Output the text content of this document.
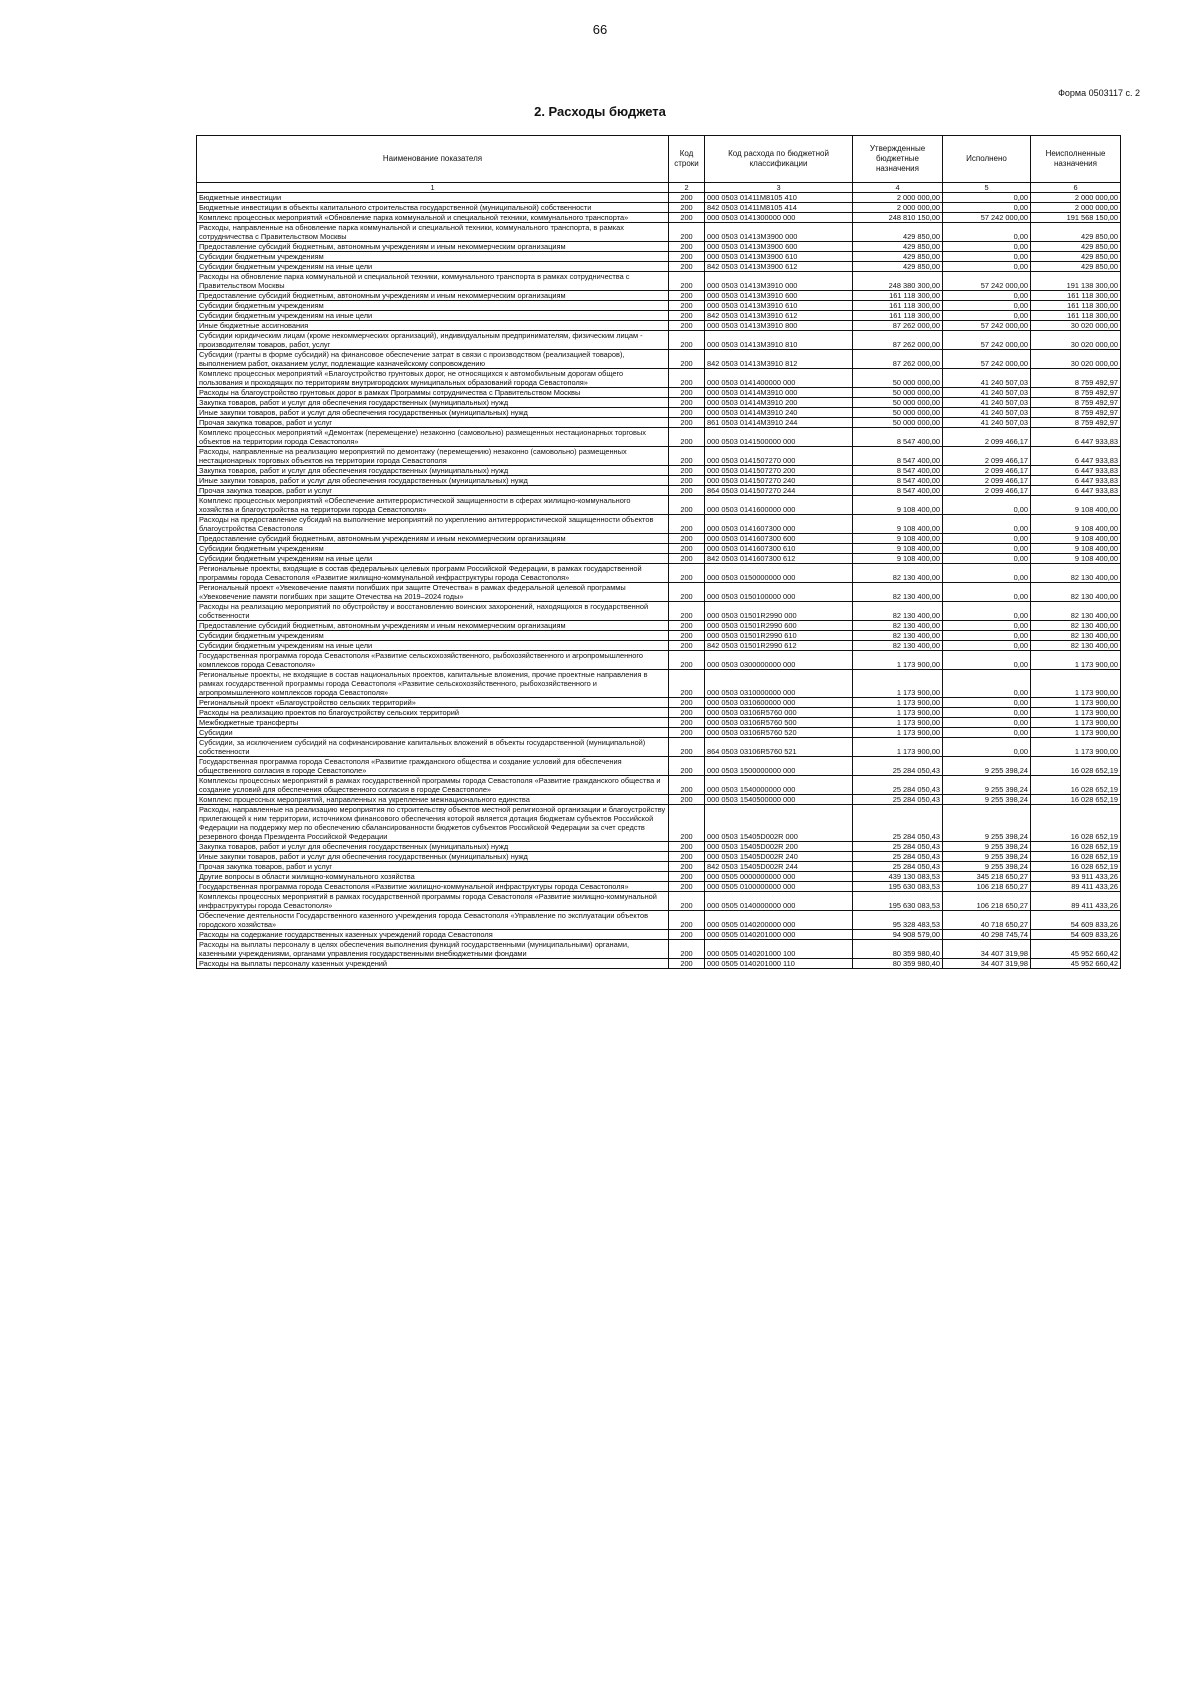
66
Форма 0503117 с. 2
2. Расходы бюджета
Наименование показателя	Код строки	Код расхода по бюджетной классификации	Утвержденные бюджетные назначения	Исполнено	Неисполненные назначения
1	2	3	4	5	6
Бюджетные инвестиции	200	000 0503 01411М8105 410	2 000 000,00	0,00	2 000 000,00
Бюджетные инвестиции в объекты капитального строительства государственной (муниципальной) собственности	200	842 0503 01411М8105 414	2 000 000,00	0,00	2 000 000,00
Комплекс процессных мероприятий «Обновление парка коммунальной и специальной техники, коммунального транспорта»	200	000 0503 0141300000 000	248 810 150,00	57 242 000,00	191 568 150,00
Расходы, направленные на обновление парка коммунальной и специальной техники, коммунального транспорта, в рамках сотрудничества с Правительством Москвы	200	000 0503 01413М3900 000	429 850,00	0,00	429 850,00
Предоставление субсидий бюджетным, автономным учреждениям и иным некоммерческим организациям	200	000 0503 01413М3900 600	429 850,00	0,00	429 850,00
Субсидии бюджетным учреждениям	200	000 0503 01413М3900 610	429 850,00	0,00	429 850,00
Субсидии бюджетным учреждениям на иные цели	200	842 0503 01413М3900 612	429 850,00	0,00	429 850,00
Расходы на обновление парка коммунальной и специальной техники, коммунального транспорта в рамках сотрудничества с Правительством Москвы	200	000 0503 01413М3910 000	248 380 300,00	57 242 000,00	191 138 300,00
Предоставление субсидий бюджетным, автономным учреждениям и иным некоммерческим организациям	200	000 0503 01413М3910 600	161 118 300,00	0,00	161 118 300,00
Субсидии бюджетным учреждениям	200	000 0503 01413М3910 610	161 118 300,00	0,00	161 118 300,00
Субсидии бюджетным учреждениям на иные цели	200	842 0503 01413М3910 612	161 118 300,00	0,00	161 118 300,00
Иные бюджетные ассигнования	200	000 0503 01413М3910 800	87 262 000,00	57 242 000,00	30 020 000,00
Субсидии юридическим лицам (кроме некоммерческих организаций), индивидуальным предпринимателям, физическим лицам - производителям товаров, работ, услуг	200	000 0503 01413М3910 810	87 262 000,00	57 242 000,00	30 020 000,00
Субсидии (гранты в форме субсидий) на финансовое обеспечение затрат в связи с производством (реализацией товаров), выполнением работ, оказанием услуг, подлежащие казначейскому сопровождению	200	842 0503 01413М3910 812	87 262 000,00	57 242 000,00	30 020 000,00
Комплекс процессных мероприятий «Благоустройство грунтовых дорог, не относящихся к автомобильным дорогам общего пользования и проходящих по территориям внутригородских муниципальных образований города Севастополя»	200	000 0503 0141400000 000	50 000 000,00	41 240 507,03	8 759 492,97
Расходы на благоустройство грунтовых дорог в рамках Программы сотрудничества с Правительством Москвы	200	000 0503 01414М3910 000	50 000 000,00	41 240 507,03	8 759 492,97
Закупка товаров, работ и услуг для обеспечения государственных (муниципальных) нужд	200	000 0503 01414М3910 200	50 000 000,00	41 240 507,03	8 759 492,97
Иные закупки товаров, работ и услуг для обеспечения государственных (муниципальных) нужд	200	000 0503 01414М3910 240	50 000 000,00	41 240 507,03	8 759 492,97
Прочая закупка товаров, работ и услуг	200	861 0503 01414М3910 244	50 000 000,00	41 240 507,03	8 759 492,97
Комплекс процессных мероприятий «Демонтаж (перемещение) незаконно (самовольно) размещенных нестационарных торговых объектов на территории города Севастополя»	200	000 0503 0141500000 000	8 547 400,00	2 099 466,17	6 447 933,83
Расходы, направленные на реализацию мероприятий по демонтажу (перемещению) незаконно (самовольно) размещенных нестационарных торговых объектов на территории города Севастополя	200	000 0503 0141507270 000	8 547 400,00	2 099 466,17	6 447 933,83
Закупка товаров, работ и услуг для обеспечения государственных (муниципальных) нужд	200	000 0503 0141507270 200	8 547 400,00	2 099 466,17	6 447 933,83
Иные закупки товаров, работ и услуг для обеспечения государственных (муниципальных) нужд	200	000 0503 0141507270 240	8 547 400,00	2 099 466,17	6 447 933,83
Прочая закупка товаров, работ и услуг	200	864 0503 0141507270 244	8 547 400,00	2 099 466,17	6 447 933,83
Комплекс процессных мероприятий «Обеспечение антитеррористической защищенности в сферах жилищно-коммунального хозяйства и благоустройства на территории города Севастополя»	200	000 0503 0141600000 000	9 108 400,00	0,00	9 108 400,00
Расходы на предоставление субсидий на выполнение мероприятий по укреплению антитеррористической защищенности объектов благоустройства Севастополя	200	000 0503 0141607300 000	9 108 400,00	0,00	9 108 400,00
Предоставление субсидий бюджетным, автономным учреждениям и иным некоммерческим организациям	200	000 0503 0141607300 600	9 108 400,00	0,00	9 108 400,00
Субсидии бюджетным учреждениям	200	000 0503 0141607300 610	9 108 400,00	0,00	9 108 400,00
Субсидии бюджетным учреждениям на иные цели	200	842 0503 0141607300 612	9 108 400,00	0,00	9 108 400,00
Региональные проекты, входящие в состав федеральных целевых программ Российской Федерации, в рамках государственной программы города Севастополя «Развитие жилищно-коммунальной инфраструктуры города Севастополя»	200	000 0503 0150000000 000	82 130 400,00	0,00	82 130 400,00
Региональный проект «Увековечение памяти погибших при защите Отечества» в рамках федеральной целевой программы «Увековечение памяти погибших при защите Отечества на 2019–2024 годы»	200	000 0503 0150100000 000	82 130 400,00	0,00	82 130 400,00
Расходы на реализацию мероприятий по обустройству и восстановлению воинских захоронений, находящихся в государственной собственности	200	000 0503 01501R2990 000	82 130 400,00	0,00	82 130 400,00
Предоставление субсидий бюджетным, автономным учреждениям и иным некоммерческим организациям	200	000 0503 01501R2990 600	82 130 400,00	0,00	82 130 400,00
Субсидии бюджетным учреждениям	200	000 0503 01501R2990 610	82 130 400,00	0,00	82 130 400,00
Субсидии бюджетным учреждениям на иные цели	200	842 0503 01501R2990 612	82 130 400,00	0,00	82 130 400,00
Государственная программа города Севастополя «Развитие сельскохозяйственного, рыбохозяйственного и агропромышленного комплексов города Севастополя»	200	000 0503 0300000000 000	1 173 900,00	0,00	1 173 900,00
Региональные проекты, не входящие в состав национальных проектов, капитальные вложения, прочие проектные направления в рамках государственной программы города Севастополя «Развитие сельскохозяйственного, рыбохозяйственного и агропромышленного комплексов города Севастополя»	200	000 0503 0310000000 000	1 173 900,00	0,00	1 173 900,00
Региональный проект «Благоустройство сельских территорий»	200	000 0503 0310600000 000	1 173 900,00	0,00	1 173 900,00
Расходы на реализацию проектов по благоустройству сельских территорий	200	000 0503 03106R5760 000	1 173 900,00	0,00	1 173 900,00
Межбюджетные трансферты	200	000 0503 03106R5760 500	1 173 900,00	0,00	1 173 900,00
Субсидии	200	000 0503 03106R5760 520	1 173 900,00	0,00	1 173 900,00
Субсидии, за исключением субсидий на софинансирование капитальных вложений в объекты государственной (муниципальной) собственности	200	864 0503 03106R5760 521	1 173 900,00	0,00	1 173 900,00
Государственная программа города Севастополя «Развитие гражданского общества и создание условий для обеспечения общественного согласия в городе Севастополе»	200	000 0503 1500000000 000	25 284 050,43	9 255 398,24	16 028 652,19
Комплексы процессных мероприятий в рамках государственной программы города Севастополя «Развитие гражданского общества и создание условий для обеспечения общественного согласия в городе Севастополе»	200	000 0503 1540000000 000	25 284 050,43	9 255 398,24	16 028 652,19
Комплекс процессных мероприятий, направленных на укрепление межнационального единства	200	000 0503 1540500000 000	25 284 050,43	9 255 398,24	16 028 652,19
Расходы, направленные на реализацию мероприятия по строительству объектов местной религиозной организации и благоустройству прилегающей к ним территории, источником финансового обеспечения которой является дотация бюджетам субъектов Российской Федерации на поддержку мер по обеспечению сбалансированности бюджетов субъектов Российской Федерации за счет средств резервного фонда Президента Российской Федерации	200	000 0503 15405D002R 000	25 284 050,43	9 255 398,24	16 028 652,19
Закупка товаров, работ и услуг для обеспечения государственных (муниципальных) нужд	200	000 0503 15405D002R 200	25 284 050,43	9 255 398,24	16 028 652,19
Иные закупки товаров, работ и услуг для обеспечения государственных (муниципальных) нужд	200	000 0503 15405D002R 240	25 284 050,43	9 255 398,24	16 028 652,19
Прочая закупка товаров, работ и услуг	200	842 0503 15405D002R 244	25 284 050,43	9 255 398,24	16 028 652,19
Другие вопросы в области жилищно-коммунального хозяйства	200	000 0505 0000000000 000	439 130 083,53	345 218 650,27	93 911 433,26
Государственная программа города Севастополя «Развитие жилищно-коммунальной инфраструктуры города Севастополя»	200	000 0505 0100000000 000	195 630 083,53	106 218 650,27	89 411 433,26
Комплексы процессных мероприятий в рамках государственной программы города Севастополя «Развитие жилищно-коммунальной инфраструктуры города Севастополя»	200	000 0505 0140000000 000	195 630 083,53	106 218 650,27	89 411 433,26
Обеспечение деятельности Государственного казенного учреждения города Севастополя «Управление по эксплуатации объектов городского хозяйства»	200	000 0505 0140200000 000	95 328 483,53	40 718 650,27	54 609 833,26
Расходы на содержание государственных казенных учреждений города Севастополя	200	000 0505 0140201000 000	94 908 579,00	40 298 745,74	54 609 833,26
Расходы на выплаты персоналу в целях обеспечения выполнения функций государственными (муниципальными) органами, казенными учреждениями, органами управления государственными внебюджетными фондами	200	000 0505 0140201000 100	80 359 980,40	34 407 319,98	45 952 660,42
Расходы на выплаты персоналу казенных учреждений	200	000 0505 0140201000 110	80 359 980,40	34 407 319,98	45 952 660,42
